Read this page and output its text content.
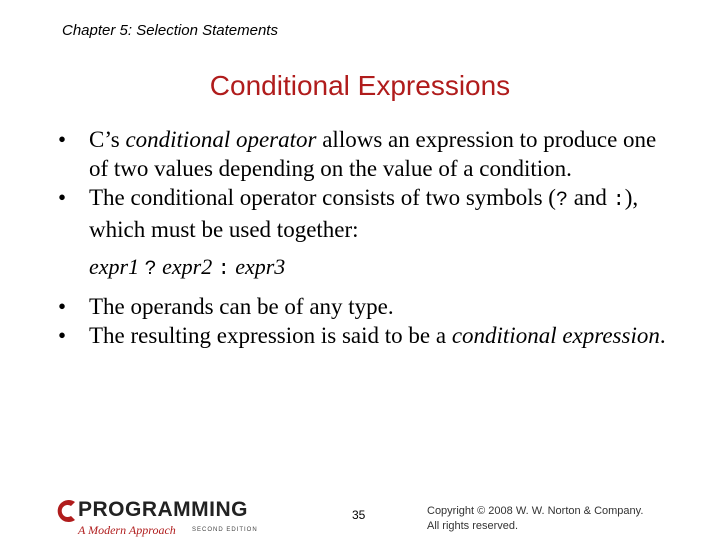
Chapter 5: Selection Statements
Conditional Expressions
• C’s conditional operator allows an expression to produce one of two values depending on the value of a condition.
• The conditional operator consists of two symbols (? and :), which must be used together:
expr1 ? expr2 : expr3
• The operands can be of any type.
• The resulting expression is said to be a conditional expression.
PROGRAMMING
A Modern Approach	SECOND EDITION
35	Copyright © 2008 W. W. Norton & Company.
All rights reserved.
